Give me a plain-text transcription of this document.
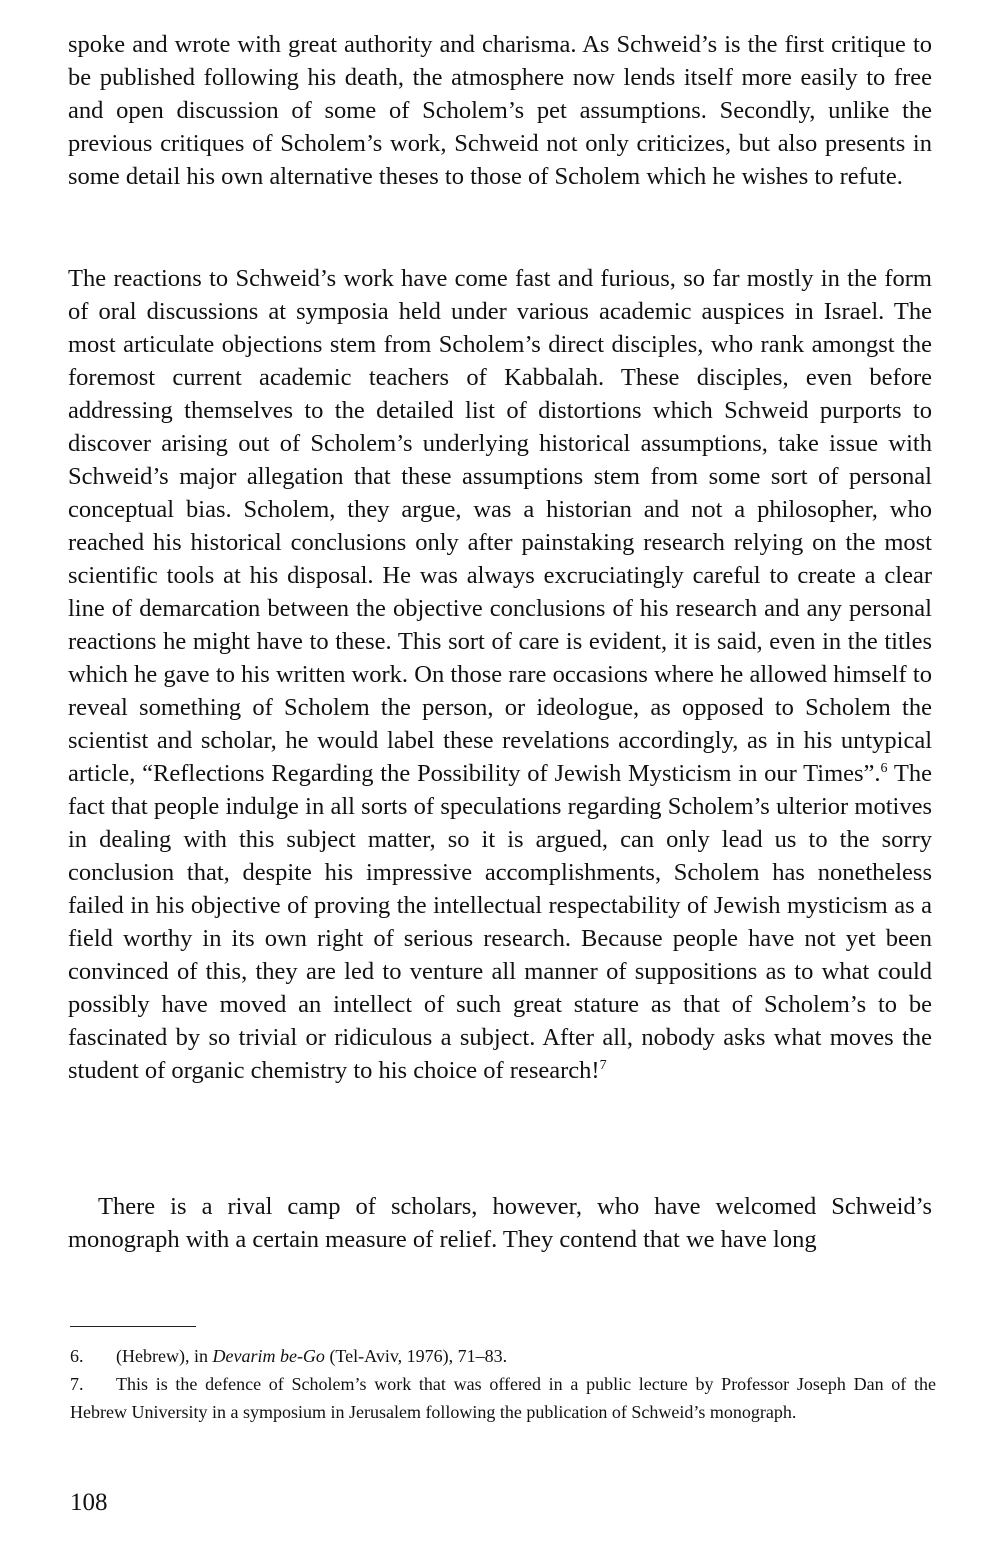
spoke and wrote with great authority and charisma. As Schweid’s is the first critique to be published following his death, the atmosphere now lends itself more easily to free and open discussion of some of Scholem’s pet assumptions. Secondly, unlike the previous critiques of Scholem’s work, Schweid not only criticizes, but also presents in some detail his own alternative theses to those of Scholem which he wishes to refute.

The reactions to Schweid’s work have come fast and furious, so far mostly in the form of oral discussions at symposia held under various academic auspices in Israel. The most articulate objections stem from Scholem’s direct disciples, who rank amongst the foremost current academic teachers of Kabbalah. These disciples, even before addressing themselves to the detailed list of distortions which Schweid purports to discover arising out of Scholem’s underlying historical assumptions, take issue with Schweid’s major allegation that these assumptions stem from some sort of personal conceptual bias. Scholem, they argue, was a historian and not a philosopher, who reached his historical conclusions only after painstaking research relying on the most scientific tools at his disposal. He was always excruciatingly careful to create a clear line of demarcation between the objective conclusions of his research and any personal reactions he might have to these. This sort of care is evident, it is said, even in the titles which he gave to his written work. On those rare occasions where he allowed himself to reveal something of Scholem the person, or ideologue, as opposed to Scholem the scientist and scholar, he would label these revelations accordingly, as in his untypical article, “Reflections Regarding the Possibility of Jewish Mysticism in our Times”.$^6$ The fact that people indulge in all sorts of speculations regarding Scholem’s ulterior motives in dealing with this subject matter, so it is argued, can only lead us to the sorry conclusion that, despite his impressive accomplishments, Scholem has nonetheless failed in his objective of proving the intellectual respectability of Jewish mysticism as a field worthy in its own right of serious research. Because people have not yet been convinced of this, they are led to venture all manner of suppositions as to what could possibly have moved an intellect of such great stature as that of Scholem’s to be fascinated by so trivial or ridiculous a subject. After all, nobody asks what moves the student of organic chemistry to his choice of research!$^7$

There is a rival camp of scholars, however, who have welcomed Schweid’s monograph with a certain measure of relief. They contend that we have long

6. (Hebrew), in Devarim be-Go (Tel-Aviv, 1976), 71–83.

7. This is the defence of Scholem’s work that was offered in a public lecture by Professor Joseph Dan of the Hebrew University in a symposium in Jerusalem following the publication of Schweid’s monograph.

108
